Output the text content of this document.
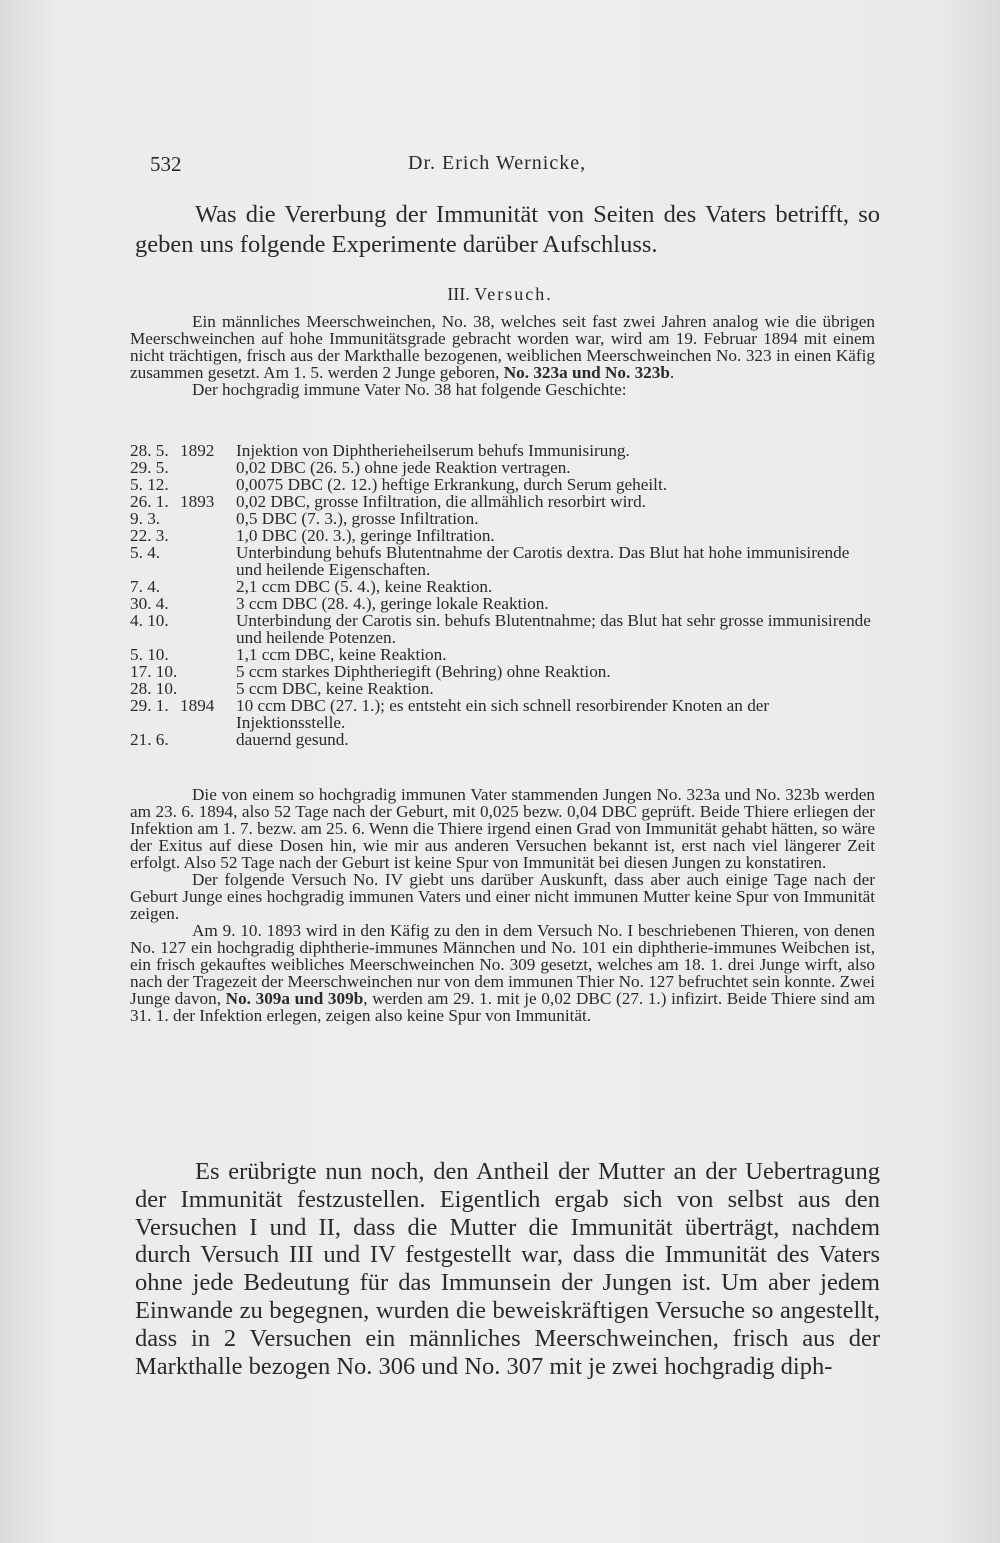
532	Dr. Erich Wernicke,

Was die Vererbung der Immunität von Seiten des Vaters betrifft, so geben uns folgende Experimente darüber Aufschluss.

III. Versuch.

Ein männliches Meerschweinchen, No. 38, welches seit fast zwei Jahren analog wie die übrigen Meerschweinchen auf hohe Immunitätsgrade gebracht worden war, wird am 19. Februar 1894 mit einem nicht trächtigen, frisch aus der Markthalle bezogenen, weiblichen Meerschweinchen No. 323 in einen Käfig zusammen gesetzt. Am 1. 5. werden 2 Junge geboren, No. 323a und No. 323b.

Der hochgradig immune Vater No. 38 hat folgende Geschichte:

28. 5. 1892	Injektion von Diphtherieheilserum behufs Immunisirung.
29. 5.	0,02 DBC (26. 5.) ohne jede Reaktion vertragen.
5. 12.	0,0075 DBC (2. 12.) heftige Erkrankung, durch Serum geheilt.
26. 1. 1893	0,02 DBC, grosse Infiltration, die allmählich resorbirt wird.
9. 3.	0,5 DBC (7. 3.), grosse Infiltration.
22. 3.	1,0 DBC (20. 3.), geringe Infiltration.
5. 4.	Unterbindung behufs Blutentnahme der Carotis dextra. Das Blut hat hohe immunisirende und heilende Eigenschaften.
7. 4.	2,1 ccm DBC (5. 4.), keine Reaktion.
30. 4.	3 ccm DBC (28. 4.), geringe lokale Reaktion.
4. 10.	Unterbindung der Carotis sin. behufs Blutentnahme; das Blut hat sehr grosse immunisirende und heilende Potenzen.
5. 10.	1,1 ccm DBC, keine Reaktion.
17. 10.	5 ccm starkes Diphtheriegift (Behring) ohne Reaktion.
28. 10.	5 ccm DBC, keine Reaktion.
29. 1. 1894	10 ccm DBC (27. 1.); es entsteht ein sich schnell resorbirender Knoten an der Injektionsstelle.
21. 6.	dauernd gesund.

Die von einem so hochgradig immunen Vater stammenden Jungen No. 323a und No. 323b werden am 23. 6. 1894, also 52 Tage nach der Geburt, mit 0,025 bezw. 0,04 DBC geprüft. Beide Thiere erliegen der Infektion am 1. 7. bezw. am 25. 6. Wenn die Thiere irgend einen Grad von Immunität gehabt hätten, so wäre der Exitus auf diese Dosen hin, wie mir aus anderen Versuchen bekannt ist, erst nach viel längerer Zeit erfolgt. Also 52 Tage nach der Geburt ist keine Spur von Immunität bei diesen Jungen zu konstatiren.

Der folgende Versuch No. IV giebt uns darüber Auskunft, dass aber auch einige Tage nach der Geburt Junge eines hochgradig immunen Vaters und einer nicht immunen Mutter keine Spur von Immunität zeigen.

Am 9. 10. 1893 wird in den Käfig zu den in dem Versuch No. I beschriebenen Thieren, von denen No. 127 ein hochgradig diphtherie-immunes Männchen und No. 101 ein diphtherie-immunes Weibchen ist, ein frisch gekauftes weibliches Meerschweinchen No. 309 gesetzt, welches am 18. 1. drei Junge wirft, also nach der Tragezeit der Meerschweinchen nur von dem immunen Thier No. 127 befruchtet sein konnte. Zwei Junge davon, No. 309a und 309b, werden am 29. 1. mit je 0,02 DBC (27. 1.) infizirt. Beide Thiere sind am 31. 1. der Infektion erlegen, zeigen also keine Spur von Immunität.

Es erübrigte nun noch, den Antheil der Mutter an der Uebertragung der Immunität festzustellen. Eigentlich ergab sich von selbst aus den Versuchen I und II, dass die Mutter die Immunität überträgt, nachdem durch Versuch III und IV festgestellt war, dass die Immunität des Vaters ohne jede Bedeutung für das Immunsein der Jungen ist. Um aber jedem Einwande zu begegnen, wurden die beweiskräftigen Versuche so angestellt, dass in 2 Versuchen ein männliches Meerschweinchen, frisch aus der Markthalle bezogen No. 306 und No. 307 mit je zwei hochgradig diph-
